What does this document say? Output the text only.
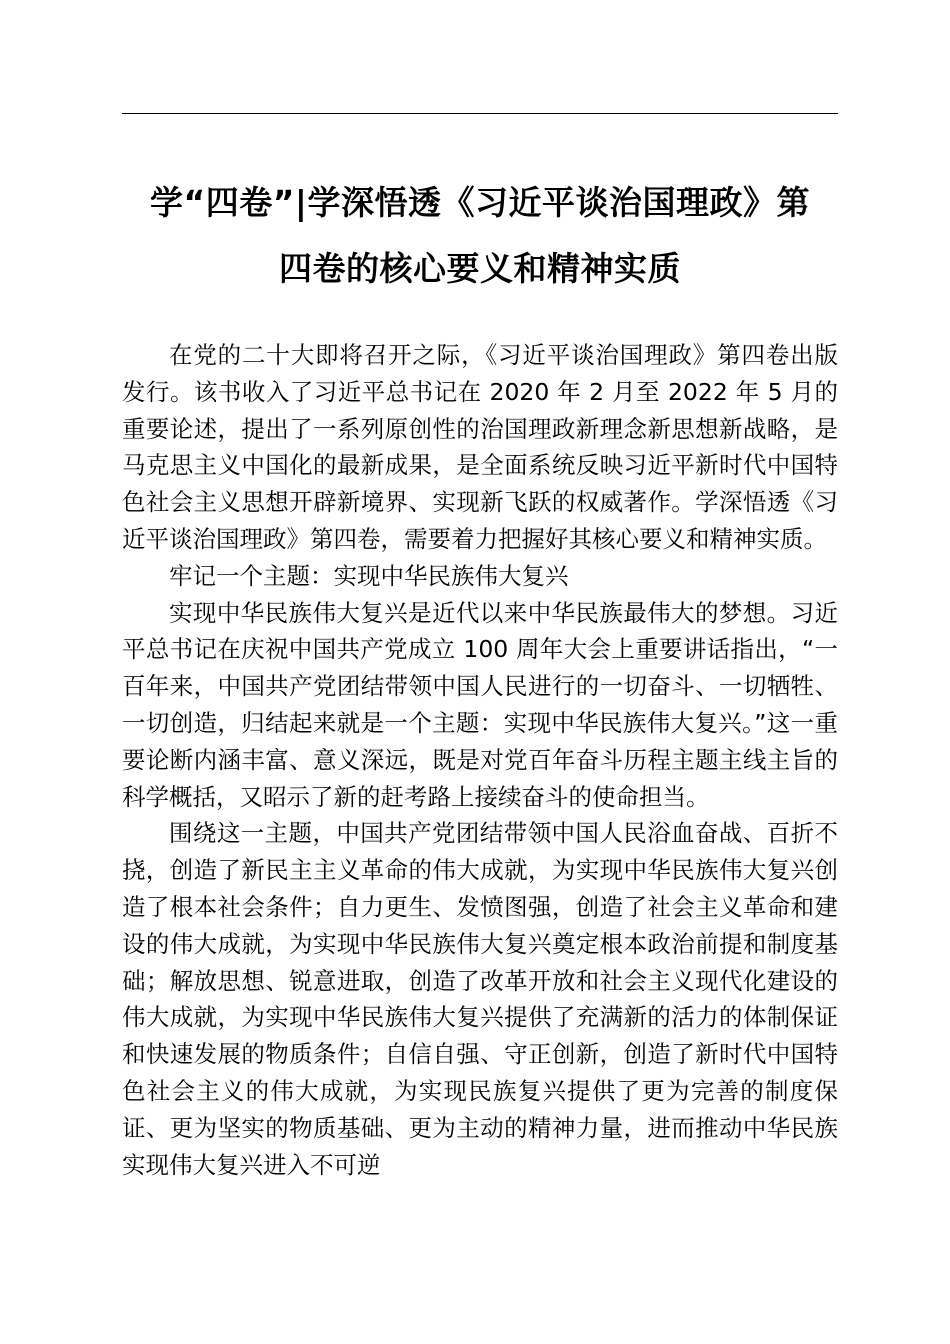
学“四卷”|学深悟透《习近平谈治国理政》第
四卷的核心要义和精神实质

在党的二十大即将召开之际，《习近平谈治国理政》第四卷出版发行。该书收入了习近平总书记在 2020 年 2 月至 2022 年 5 月的重要论述，提出了一系列原创性的治国理政新理念新思想新战略，是马克思主义中国化的最新成果，是全面系统反映习近平新时代中国特色社会主义思想开辟新境界、实现新飞跃的权威著作。学深悟透《习近平谈治国理政》第四卷，需要着力把握好其核心要义和精神实质。

牢记一个主题：实现中华民族伟大复兴

实现中华民族伟大复兴是近代以来中华民族最伟大的梦想。习近平总书记在庆祝中国共产党成立 100 周年大会上重要讲话指出，“一百年来，中国共产党团结带领中国人民进行的一切奋斗、一切牺牲、一切创造，归结起来就是一个主题：实现中华民族伟大复兴。”这一重要论断内涵丰富、意义深远，既是对党百年奋斗历程主题主线主旨的科学概括，又昭示了新的赶考路上接续奋斗的使命担当。

围绕这一主题，中国共产党团结带领中国人民浴血奋战、百折不挠，创造了新民主主义革命的伟大成就，为实现中华民族伟大复兴创造了根本社会条件；自力更生、发愤图强，创造了社会主义革命和建设的伟大成就，为实现中华民族伟大复兴奠定根本政治前提和制度基础；解放思想、锐意进取，创造了改革开放和社会主义现代化建设的伟大成就，为实现中华民族伟大复兴提供了充满新的活力的体制保证和快速发展的物质条件；自信自强、守正创新，创造了新时代中国特色社会主义的伟大成就，为实现民族复兴提供了更为完善的制度保证、更为坚实的物质基础、更为主动的精神力量，进而推动中华民族实现伟大复兴进入不可逆
